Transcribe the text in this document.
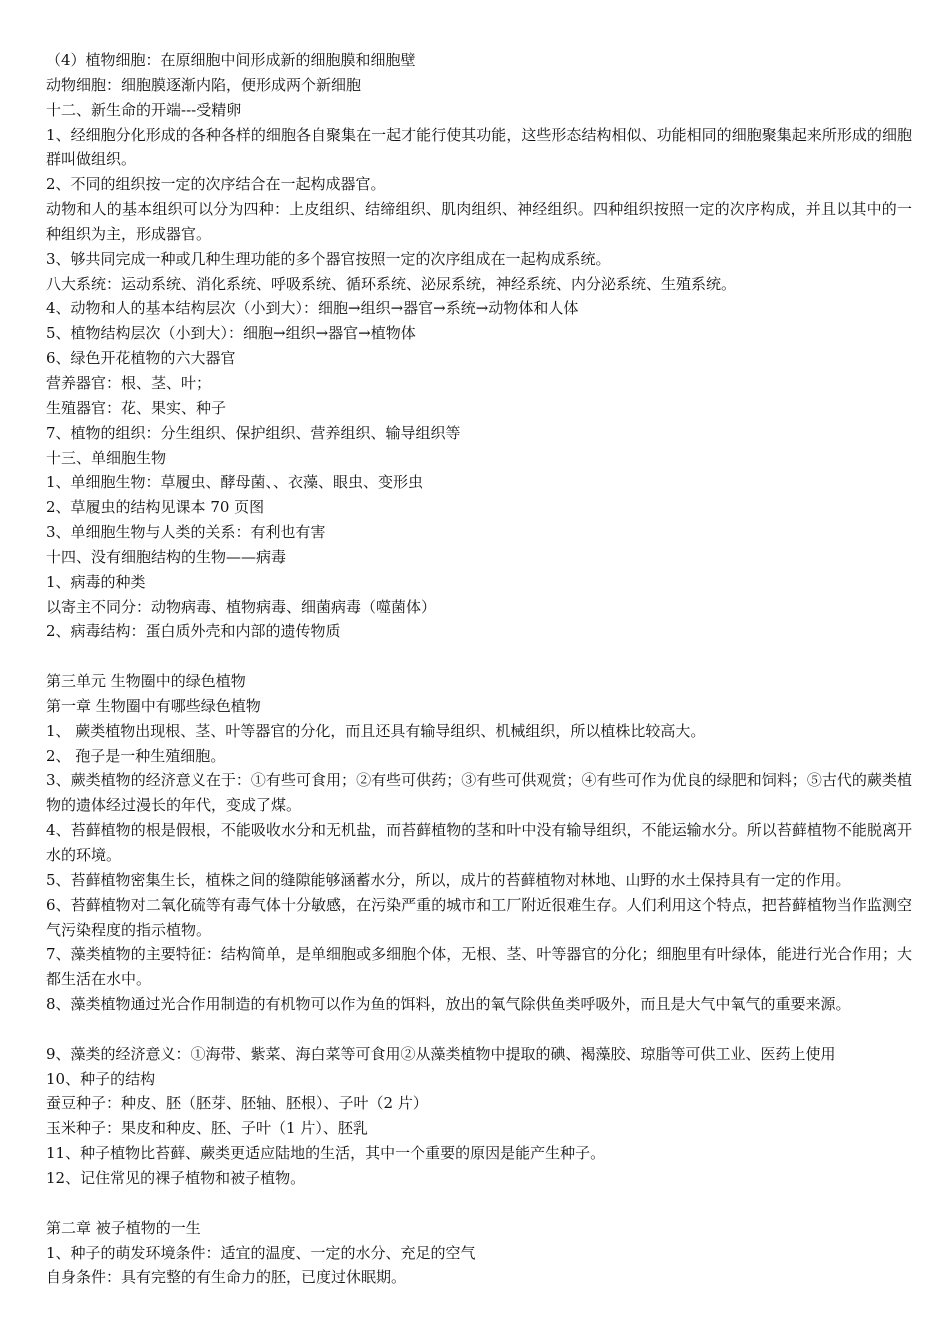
（4）植物细胞：在原细胞中间形成新的细胞膜和细胞壁
动物细胞：细胞膜逐渐内陷，便形成两个新细胞
十二、新生命的开端---受精卵
1、经细胞分化形成的各种各样的细胞各自聚集在一起才能行使其功能，这些形态结构相似、功能相同的细胞聚集起来所形成的细胞群叫做组织。
2、不同的组织按一定的次序结合在一起构成器官。
动物和人的基本组织可以分为四种：上皮组织、结缔组织、肌肉组织、神经组织。四种组织按照一定的次序构成，并且以其中的一种组织为主，形成器官。
3、够共同完成一种或几种生理功能的多个器官按照一定的次序组成在一起构成系统。
八大系统：运动系统、消化系统、呼吸系统、循环系统、泌尿系统，神经系统、内分泌系统、生殖系统。
4、动物和人的基本结构层次（小到大）：细胞→组织→器官→系统→动物体和人体
5、植物结构层次（小到大）：细胞→组织→器官→植物体
6、绿色开花植物的六大器官
营养器官：根、茎、叶；
生殖器官：花、果实、种子
7、植物的组织：分生组织、保护组织、营养组织、输导组织等
十三、单细胞生物
1、单细胞生物：草履虫、酵母菌、、衣藻、眼虫、变形虫
2、草履虫的结构见课本 70 页图
3、单细胞生物与人类的关系：有利也有害
十四、没有细胞结构的生物——病毒
1、病毒的种类
以寄主不同分：动物病毒、植物病毒、细菌病毒（噬菌体）
2、病毒结构：蛋白质外壳和内部的遗传物质
第三单元 生物圈中的绿色植物
第一章 生物圈中有哪些绿色植物
1、 蕨类植物出现根、茎、叶等器官的分化，而且还具有输导组织、机械组织，所以植株比较高大。
2、 孢子是一种生殖细胞。
3、蕨类植物的经济意义在于：①有些可食用；②有些可供药；③有些可供观赏；④有些可作为优良的绿肥和饲料；⑤古代的蕨类植物的遗体经过漫长的年代，变成了煤。
4、苔藓植物的根是假根，不能吸收水分和无机盐，而苔藓植物的茎和叶中没有输导组织，不能运输水分。所以苔藓植物不能脱离开水的环境。
5、苔藓植物密集生长，植株之间的缝隙能够涵蓄水分，所以，成片的苔藓植物对林地、山野的水土保持具有一定的作用。
6、苔藓植物对二氧化硫等有毒气体十分敏感，在污染严重的城市和工厂附近很难生存。人们利用这个特点，把苔藓植物当作监测空气污染程度的指示植物。
7、藻类植物的主要特征：结构简单，是单细胞或多细胞个体，无根、茎、叶等器官的分化；细胞里有叶绿体，能进行光合作用；大都生活在水中。
8、藻类植物通过光合作用制造的有机物可以作为鱼的饵料，放出的氧气除供鱼类呼吸外，而且是大气中氧气的重要来源。
9、藻类的经济意义：①海带、紫菜、海白菜等可食用②从藻类植物中提取的碘、褐藻胶、琼脂等可供工业、医药上使用
10、种子的结构
蚕豆种子：种皮、胚（胚芽、胚轴、胚根）、子叶（2 片）
玉米种子：果皮和种皮、胚、子叶（1 片）、胚乳
11、种子植物比苔藓、蕨类更适应陆地的生活，其中一个重要的原因是能产生种子。
12、记住常见的裸子植物和被子植物。
第二章 被子植物的一生
1、种子的萌发环境条件：适宜的温度、一定的水分、充足的空气
自身条件：具有完整的有生命力的胚，已度过休眠期。
